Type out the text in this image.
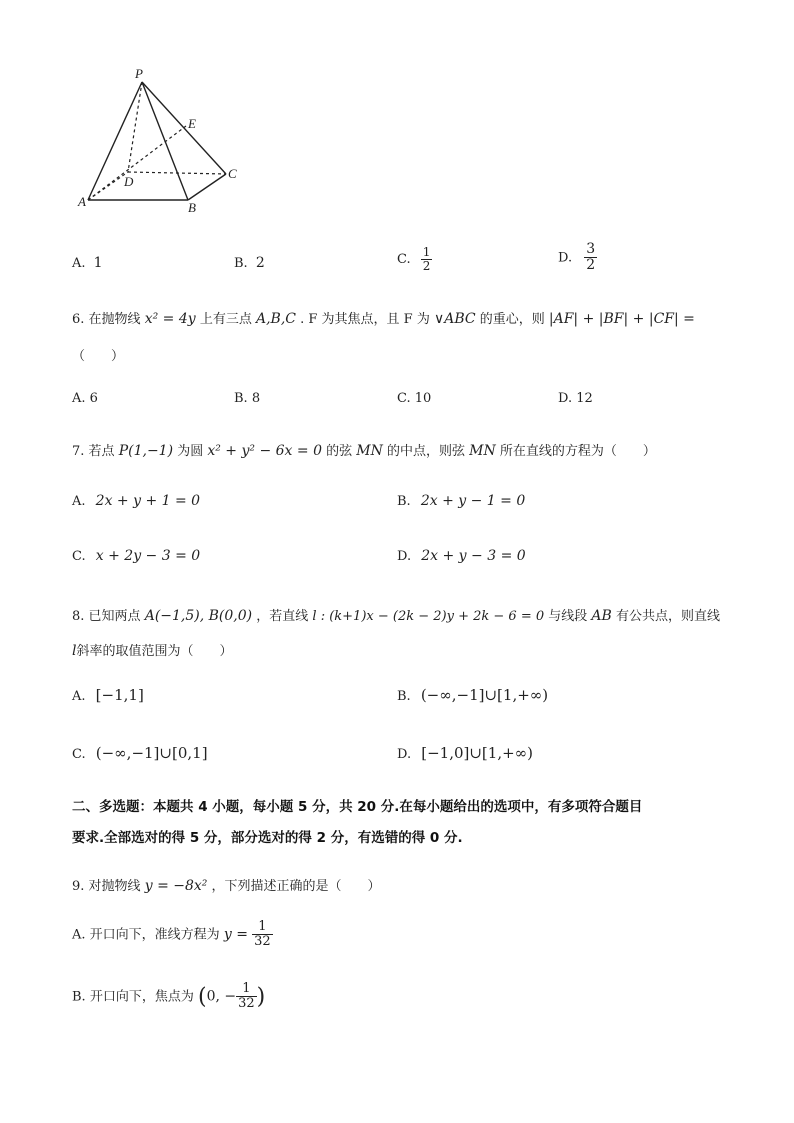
P
E
D
C
A	B
A. 1	B. 2	C. $\frac{1}{2}$	D. $\frac{3}{2}$
6. 在抛物线 x² = 4y 上有三点 A,B,C . F 为其焦点，且 F 为 ∨ABC 的重心，则 |AF| + |BF| + |CF| =
（　　）
A. 6	B. 8	C. 10	D. 12
7. 若点 P(1,−1) 为圆 x² + y² − 6x = 0 的弦 MN 的中点，则弦 MN 所在直线的方程为（　　）
A. 2x + y + 1 = 0	B. 2x + y − 1 = 0
C. x + 2y − 3 = 0	D. 2x + y − 3 = 0
8. 已知两点 A(−1,5), B(0,0) ，若直线 l : (k+1)x − (2k − 2)y + 2k − 6 = 0 与线段 AB 有公共点，则直线
l斜率的取值范围为（　　）
A. [−1,1]	B. (−∞,−1]∪[1,+∞)
C. (−∞,−1]∪[0,1]	D. [−1,0]∪[1,+∞)
二、多选题：本题共 4 小题，每小题 5 分，共 20 分.在每小题给出的选项中，有多项符合题目
要求.全部选对的得 5 分，部分选对的得 2 分，有选错的得 0 分.
9. 对抛物线 y = −8x² ，下列描述正确的是（　　）
A. 开口向下，准线方程为 $y = \frac{1}{32}$
B. 开口向下，焦点为 (0, − $\frac{1}{32}$ )
